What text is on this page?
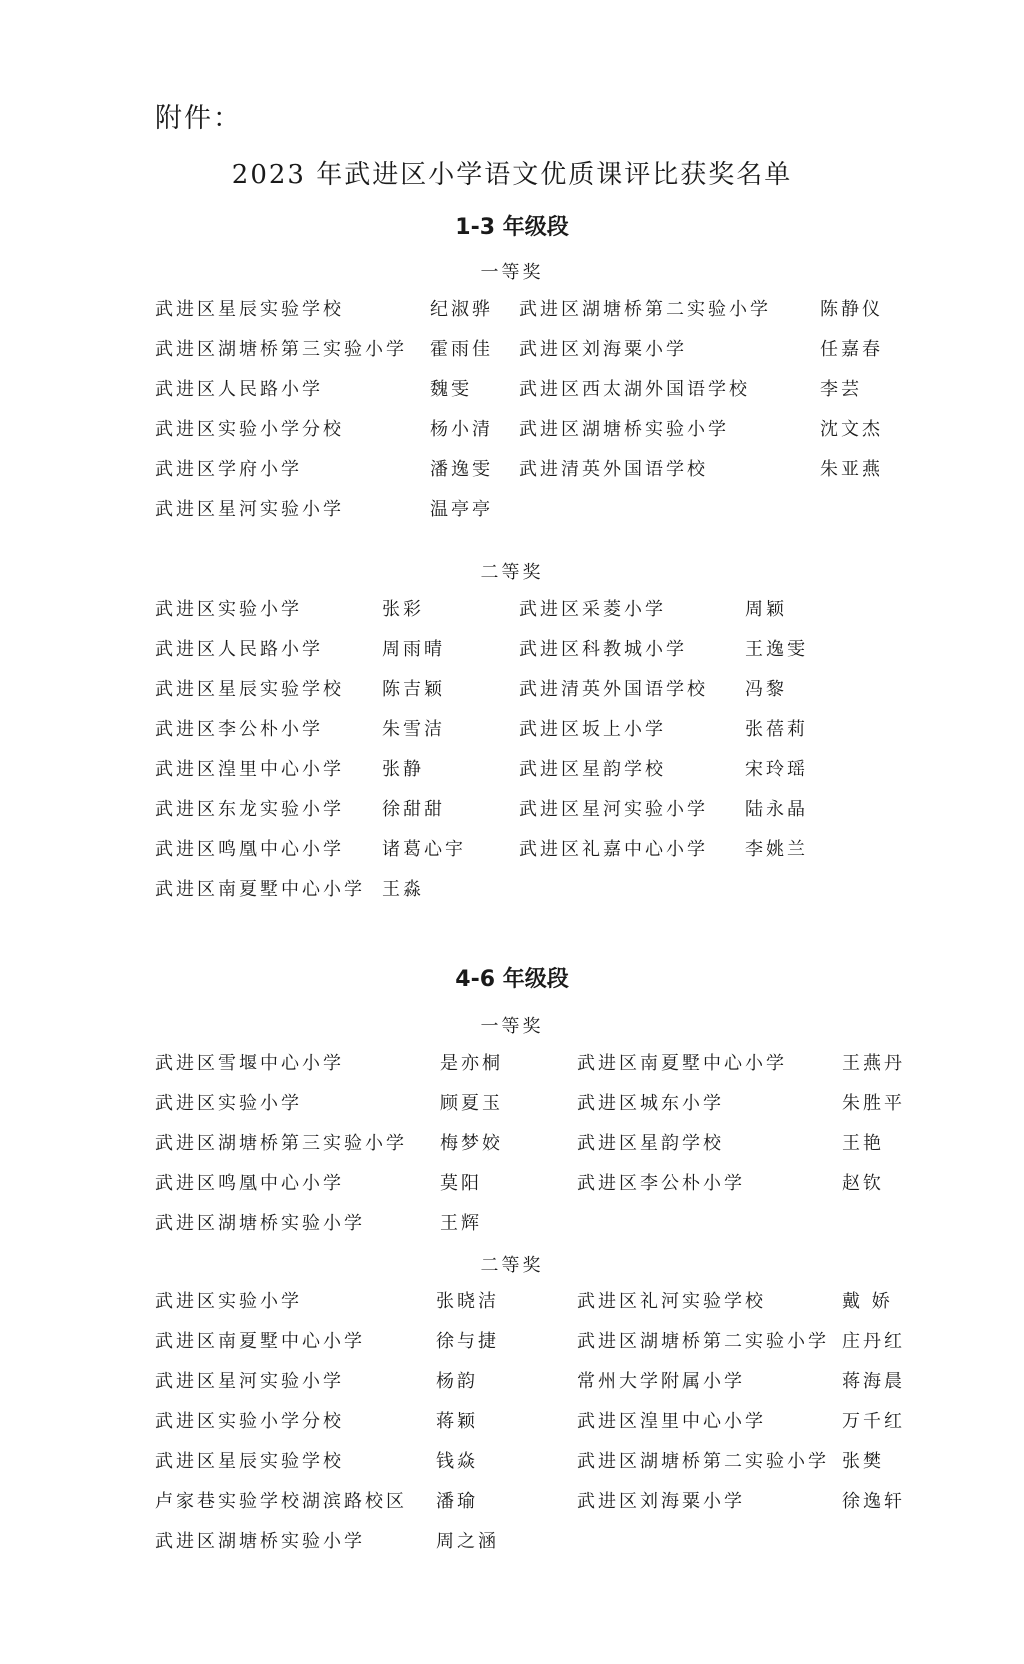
附件：
2023 年武进区小学语文优质课评比获奖名单
1-3 年级段
一等奖
武进区星辰实验学校	纪淑骅 武进区湖塘桥第二实验小学	陈静仪
武进区湖塘桥第三实验小学 霍雨佳 武进区刘海粟小学	任嘉春
武进区人民路小学	魏雯	武进区西太湖外国语学校	李芸
武进区实验小学分校	杨小清 武进区湖塘桥实验小学	沈文杰
武进区学府小学	潘逸雯 武进清英外国语学校	朱亚燕
武进区星河实验小学	温亭亭
二等奖
武进区实验小学	张彩	武进区采菱小学	周颖
武进区人民路小学	周雨晴	武进区科教城小学	王逸雯
武进区星辰实验学校 陈吉颖	武进清英外国语学校 冯黎
武进区李公朴小学	朱雪洁	武进区坂上小学	张蓓莉
武进区湟里中心小学 张静	武进区星韵学校	宋玲瑶
武进区东龙实验小学 徐甜甜	武进区星河实验小学 陆永晶
武进区鸣凰中心小学 诸葛心宇	武进区礼嘉中心小学 李姚兰
武进区南夏墅中心小学 王淼
4-6 年级段
一等奖
武进区雪堰中心小学	是亦桐	武进区南夏墅中心小学	王燕丹
武进区实验小学	顾夏玉	武进区城东小学	朱胜平
武进区湖塘桥第三实验小学 梅梦姣	武进区星韵学校	王艳
武进区鸣凰中心小学	莫阳	武进区李公朴小学	赵钦
武进区湖塘桥实验小学	王辉
二等奖
武进区实验小学	张晓洁	武进区礼河实验学校	戴 娇
武进区南夏墅中心小学	徐与捷	武进区湖塘桥第二实验小学 庄丹红
武进区星河实验小学	杨韵	常州大学附属小学	蒋海晨
武进区实验小学分校	蒋颖	武进区湟里中心小学	万千红
武进区星辰实验学校	钱焱	武进区湖塘桥第二实验小学 张樊
卢家巷实验学校湖滨路校区 潘瑜	武进区刘海粟小学	徐逸轩
武进区湖塘桥实验小学	周之涵
